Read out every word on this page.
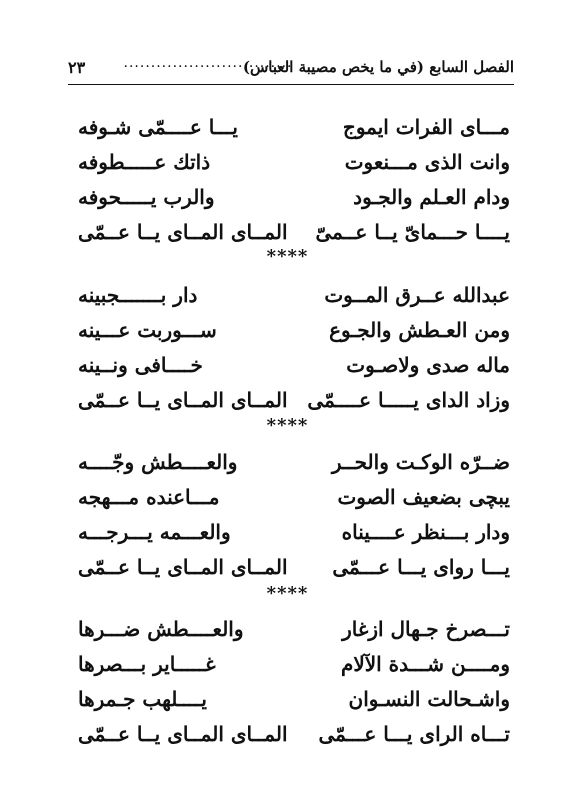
الفصل السابع (في ما يخص مصيبة العباس)
...............................
٢٣
مـــاى الفرات ايموج
يـــا عــــمّى شـوفه
وانت الذى مـــنعوت
ذاتك عـــــطوفه
ودام العـلم والجـود
والرب يـــــحوفه
يــــا حـــماىّ يــا عــمىّ
المــاى المــاى يــا عــمّى
****
عبدالله عــرق المــوت
دار بـــــــجبينه
ومن العـطش والجـوع
ســـوربت عـــينه
ماله صدى ولاصـوت
خــــافى ونــينه
وزاد الداى يـــــا عــــمّى
المــاى المــاى يــا عــمّى
****
ضــرّه الوكـت والحــر
والعــــطش وجّــــه
يبچى بضعيف الصوت
مـــاعنده مـــهجه
ودار بـــنظر عــــيناه
والعـــمه يـــرجـــه
يـــا رواى يـــا عـــمّى
المــاى المــاى يــا عــمّى
****
تـــصرخ جـهال ازغار
والعــــطش ضـــرها
ومــــن شـــدة الآلام
غـــــاير بـــصرها
واشـحالت النسـوان
يــــلهب جـمرها
تـــاه الراى يـــا عـــمّى
المــاى المــاى يــا عــمّى
